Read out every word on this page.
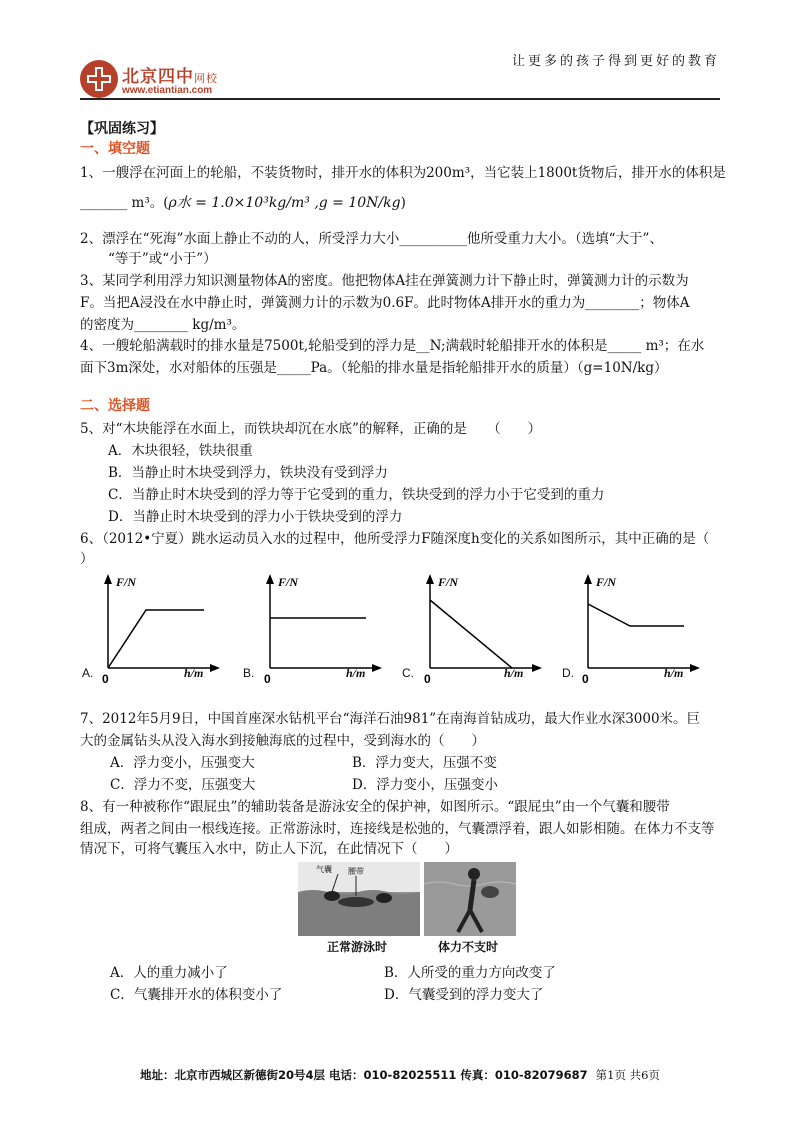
北京四中网校
www.etiantian.com
让更多的孩子得到更好的教育
【巩固练习】
一、填空题
1、一艘浮在河面上的轮船，不装货物时，排开水的体积为200m³，当它装上1800t货物后，排开水的体积是
_______ m³。(ρ水 = 1.0×10³kg/m³ ,g = 10N/kg)
2、漂浮在“死海”水面上静止不动的人，所受浮力大小__________他所受重力大小。（选填“大于”、
“等于”或“小于”）
3、某同学利用浮力知识测量物体A的密度。他把物体A挂在弹簧测力计下静止时，弹簧测力计的示数为
F。当把A浸没在水中静止时，弹簧测力计的示数为0.6F。此时物体A排开水的重力为________；物体A
的密度为________ kg/m³。
4、一艘轮船满载时的排水量是7500t,轮船受到的浮力是__N;满载时轮船排开水的体积是_____ m³；在水
面下3m深处，水对船体的压强是_____Pa。（轮船的排水量是指轮船排开水的质量）（g=10N/kg）
二、选择题
5、对“木块能浮在水面上，而铁块却沉在水底”的解释，正确的是　　（　　）
A．木块很轻，铁块很重
B．当静止时木块受到浮力，铁块没有受到浮力
C．当静止时木块受到的浮力等于它受到的重力，铁块受到的浮力小于它受到的重力
D．当静止时木块受到的浮力小于铁块受到的浮力
6、（2012•宁夏）跳水运动员入水的过程中，他所受浮力F随深度h变化的关系如图所示，其中正确的是（
）
F/N
0
F/N
0
F/N
0
F/N
0
A.	h/m	B.	h/m	C.	h/m	D.	h/m
7、2012年5月9日，中国首座深水钻机平台“海洋石油981”在南海首钻成功，最大作业水深3000米。巨
大的金属钻头从没入海水到接触海底的过程中，受到海水的（　　）
A．浮力变小，压强变大	B．浮力变大，压强不变
C．浮力不变，压强变大	D．浮力变小，压强变小
8、有一种被称作“跟屁虫”的辅助装备是游泳安全的保护神，如图所示。“跟屁虫”由一个气囊和腰带
组成，两者之间由一根线连接。正常游泳时，连接线是松弛的，气囊漂浮着，跟人如影相随。在体力不支等
情况下，可将气囊压入水中，防止人下沉，在此情况下（　　）
气囊 腰带
正常游泳时	体力不支时
A．人的重力减小了	B．人所受的重力方向改变了
C．气囊排开水的体积变小了	D．气囊受到的浮力变大了
地址：北京市西城区新德街20号4层 电话：010-82025511 传真：010-82079687 第1页 共6页
